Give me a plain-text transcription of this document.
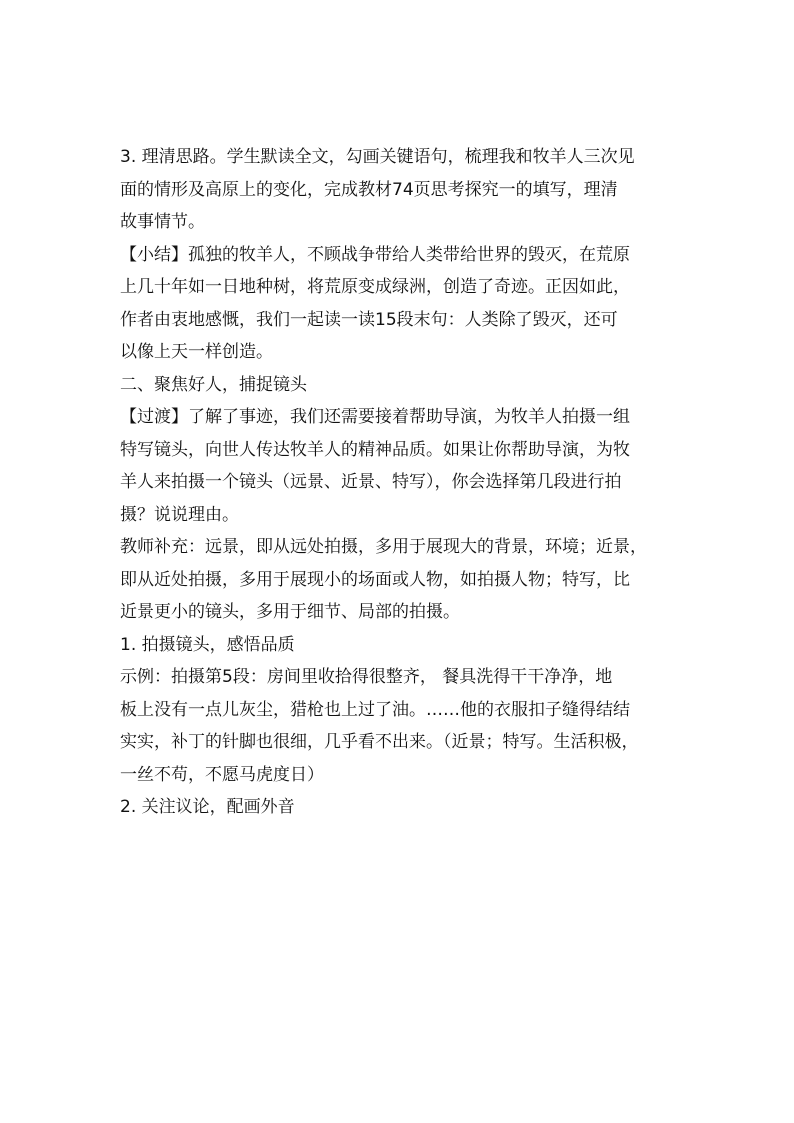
3. 理清思路。学生默读全文，勾画关键语句，梳理我和牧羊人三次见
面的情形及高原上的变化，完成教材74页思考探究一的填写，理清
故事情节。

【小结】孤独的牧羊人，不顾战争带给人类带给世界的毁灭，在荒原
上几十年如一日地种树，将荒原变成绿洲，创造了奇迹。正因如此，
作者由衷地感慨，我们一起读一读15段末句：人类除了毁灭，还可
以像上天一样创造。

二、聚焦好人，捕捉镜头

【过渡】了解了事迹，我们还需要接着帮助导演，为牧羊人拍摄一组
特写镜头，向世人传达牧羊人的精神品质。如果让你帮助导演，为牧
羊人来拍摄一个镜头（远景、近景、特写），你会选择第几段进行拍
摄？说说理由。

教师补充：远景，即从远处拍摄，多用于展现大的背景，环境；近景，
即从近处拍摄，多用于展现小的场面或人物，如拍摄人物；特写，比
近景更小的镜头，多用于细节、局部的拍摄。

1. 拍摄镜头，感悟品质

示例：拍摄第5段：房间里收拾得很整齐， 餐具洗得干干净净，地
板上没有一点儿灰尘，猎枪也上过了油。……他的衣服扣子缝得结结
实实，补丁的针脚也很细，几乎看不出来。（近景；特写。生活积极，
一丝不苟，不愿马虎度日）

2. 关注议论，配画外音
